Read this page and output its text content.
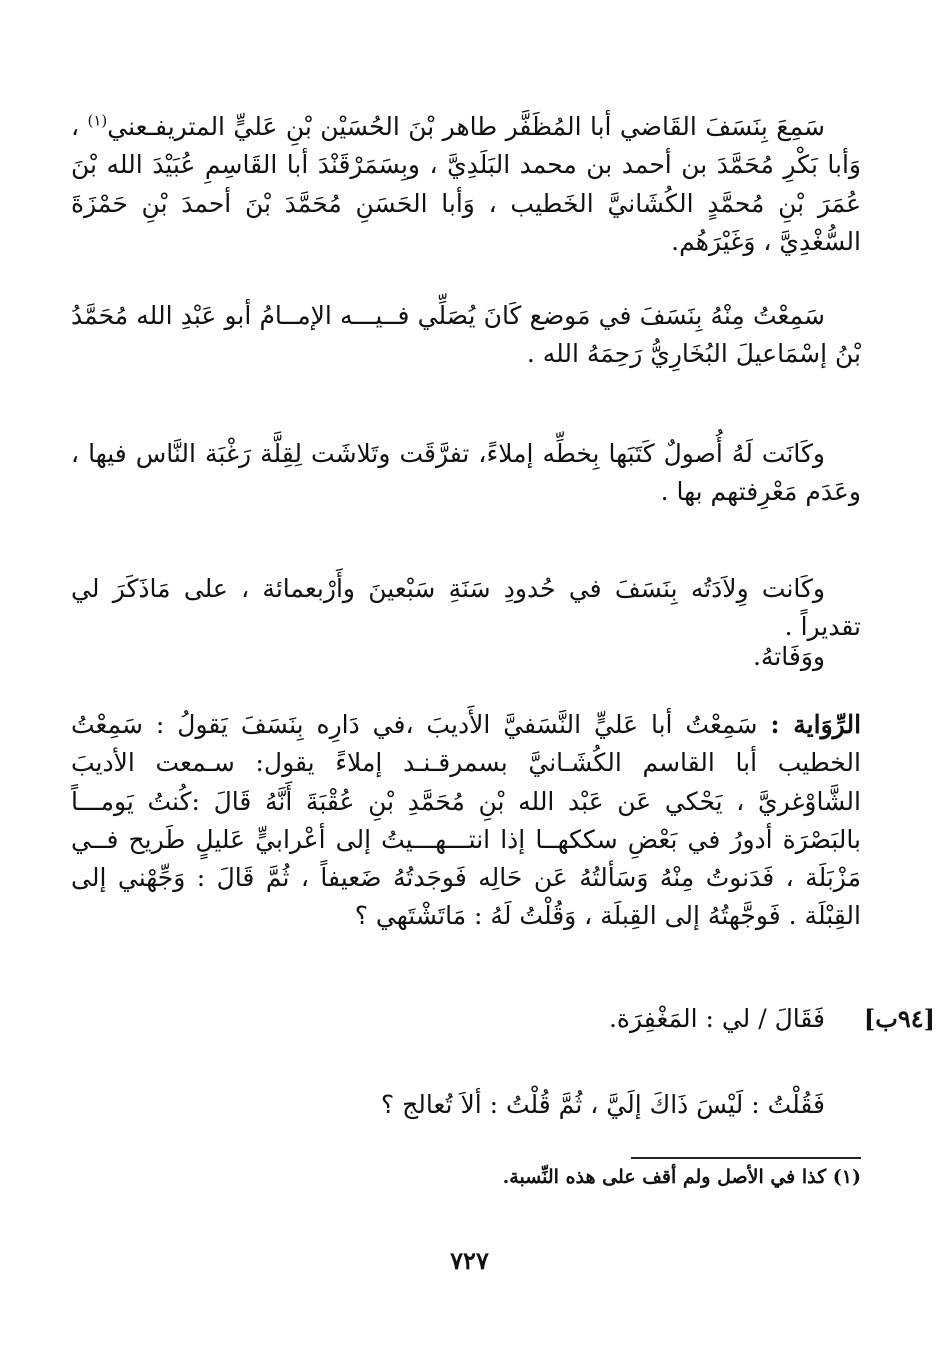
سَمِعَ بِنَسَفَ القَاضي أبا المُظَفَّر طاهر بْنَ الحُسَيْن بْنِ عَليٍّ المتريفـعني$^{(١)}$ ، وَأبا بَكْرِ مُحَمَّدَ بن أحمد بن محمد البَلَدِيَّ ، وبِسَمَرْقَنْدَ أبا القَاسِمِ عُبَيْدَ الله بْنَ عُمَرَ بْنِ مُحمَّدٍ الكُشَانيَّ الخَطيب ، وَأبا الحَسَنِ مُحَمَّدَ بْنَ أحمدَ بْنِ حَمْزَةَ السُّغْدِيَّ ، وَغَيْرَهُم.

سَمِعْتُ مِنْهُ بِنَسَفَ في مَوضع كَانَ يُصَلِّي فــيـــه الإمــامُ أبو عَبْدِ الله مُحَمَّدُ بْنُ إسْمَاعيلَ البُخَارِيُّ رَحِمَهُ الله .

وكَانَت لَهُ أُصولٌ كَتَبَها بِخطِّه إملاءً، تفرَّقَت وتَلاشَت لِقِلَّة رَغْبَة النَّاس فيها ، وعَدَم مَعْرِفتهم بها .

وكَانت وِلاَدَتُه بِنَسَفَ في حُدودِ سَنَةِ سَبْعينَ وأَرْبعمائة ، على مَاذَكَرَ لي تقديراً .

ووَفَاتهُ.

الرِّوَاية : سَمِعْتُ أبا عَليٍّ النَّسَفيَّ الأَديبَ ،في دَارِه بِنَسَفَ يَقولُ : سَمِعْتُ الخطيب أبا القاسم الكُشَـانيَّ بسمرقـنـد إملاءً يقول: سـمعت الأديبَ الشَّاوْغريَّ ، يَحْكي عَن عَبْد الله بْنِ مُحَمَّدِ بْنِ عُقْبَةَ أَنَّهُ قَالَ :كُنتُ يَومـــاً بالبَصْرَة أدورُ في بَعْضِ سككهــا إذا انتـــهـــيتُ إلى أعْرابيٍّ عَليلٍ طَريح فــي مَزْبَلَة ، فَدَنوتُ مِنْهُ وَسَألتُهُ عَن حَالِه فَوجَدتُهُ ضَعيفاً ، ثُمَّ قَالَ : وَجِّهْني إلى القِبْلَة . فَوجَّهتُهُ إلى القِبلَة ، وَقُلْتُ لَهُ : مَاتَشْتَهي ؟

[٩٤ب]

فَقَالَ / لي : المَغْفِرَة.

فَقُلْتُ : لَيْسَ ذَاكَ إلَيَّ ، ثُمَّ قُلْتُ : ألاَ تُعالج ؟

(١) كذا في الأصل ولم أقف على هذه النِّسبة.
٧٢٧
